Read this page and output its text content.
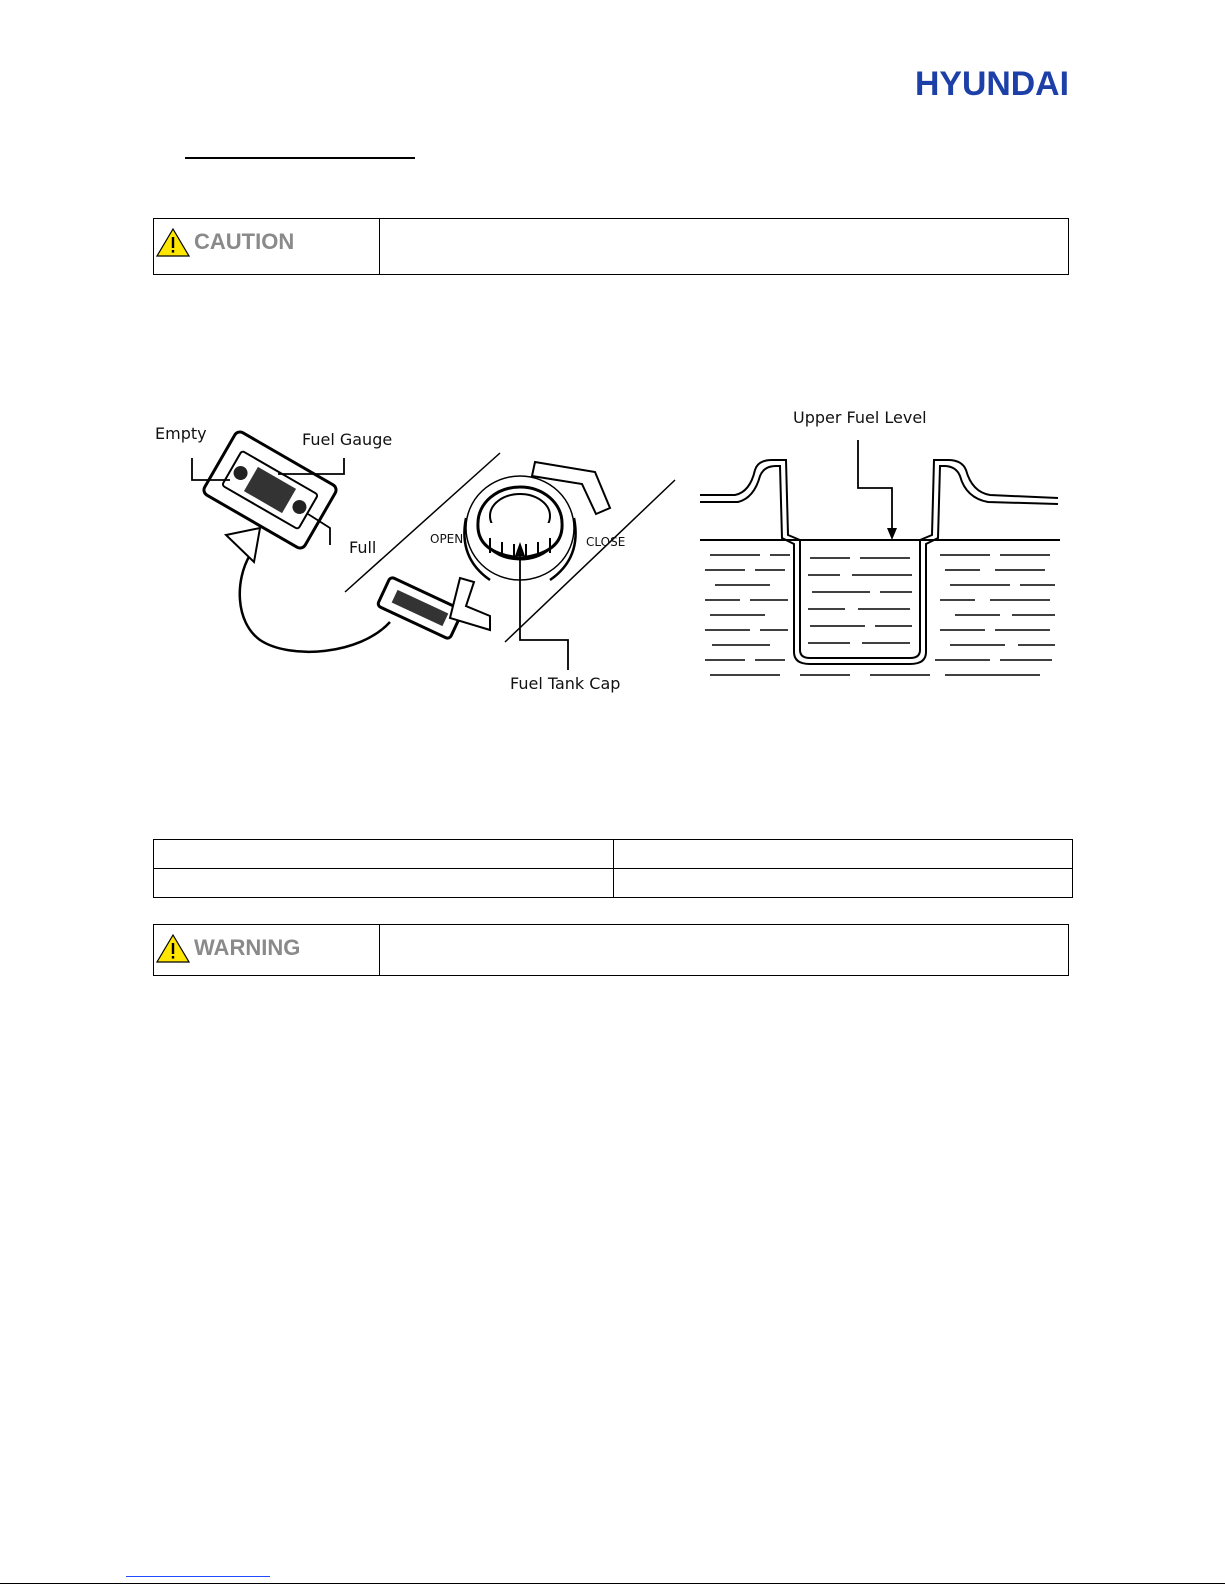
HYUNDAI
CAUTION
Empty	Fuel Gauge
Full	OPEN	CLOSE
Fuel Tank Cap
Upper Fuel Level

WARNING
